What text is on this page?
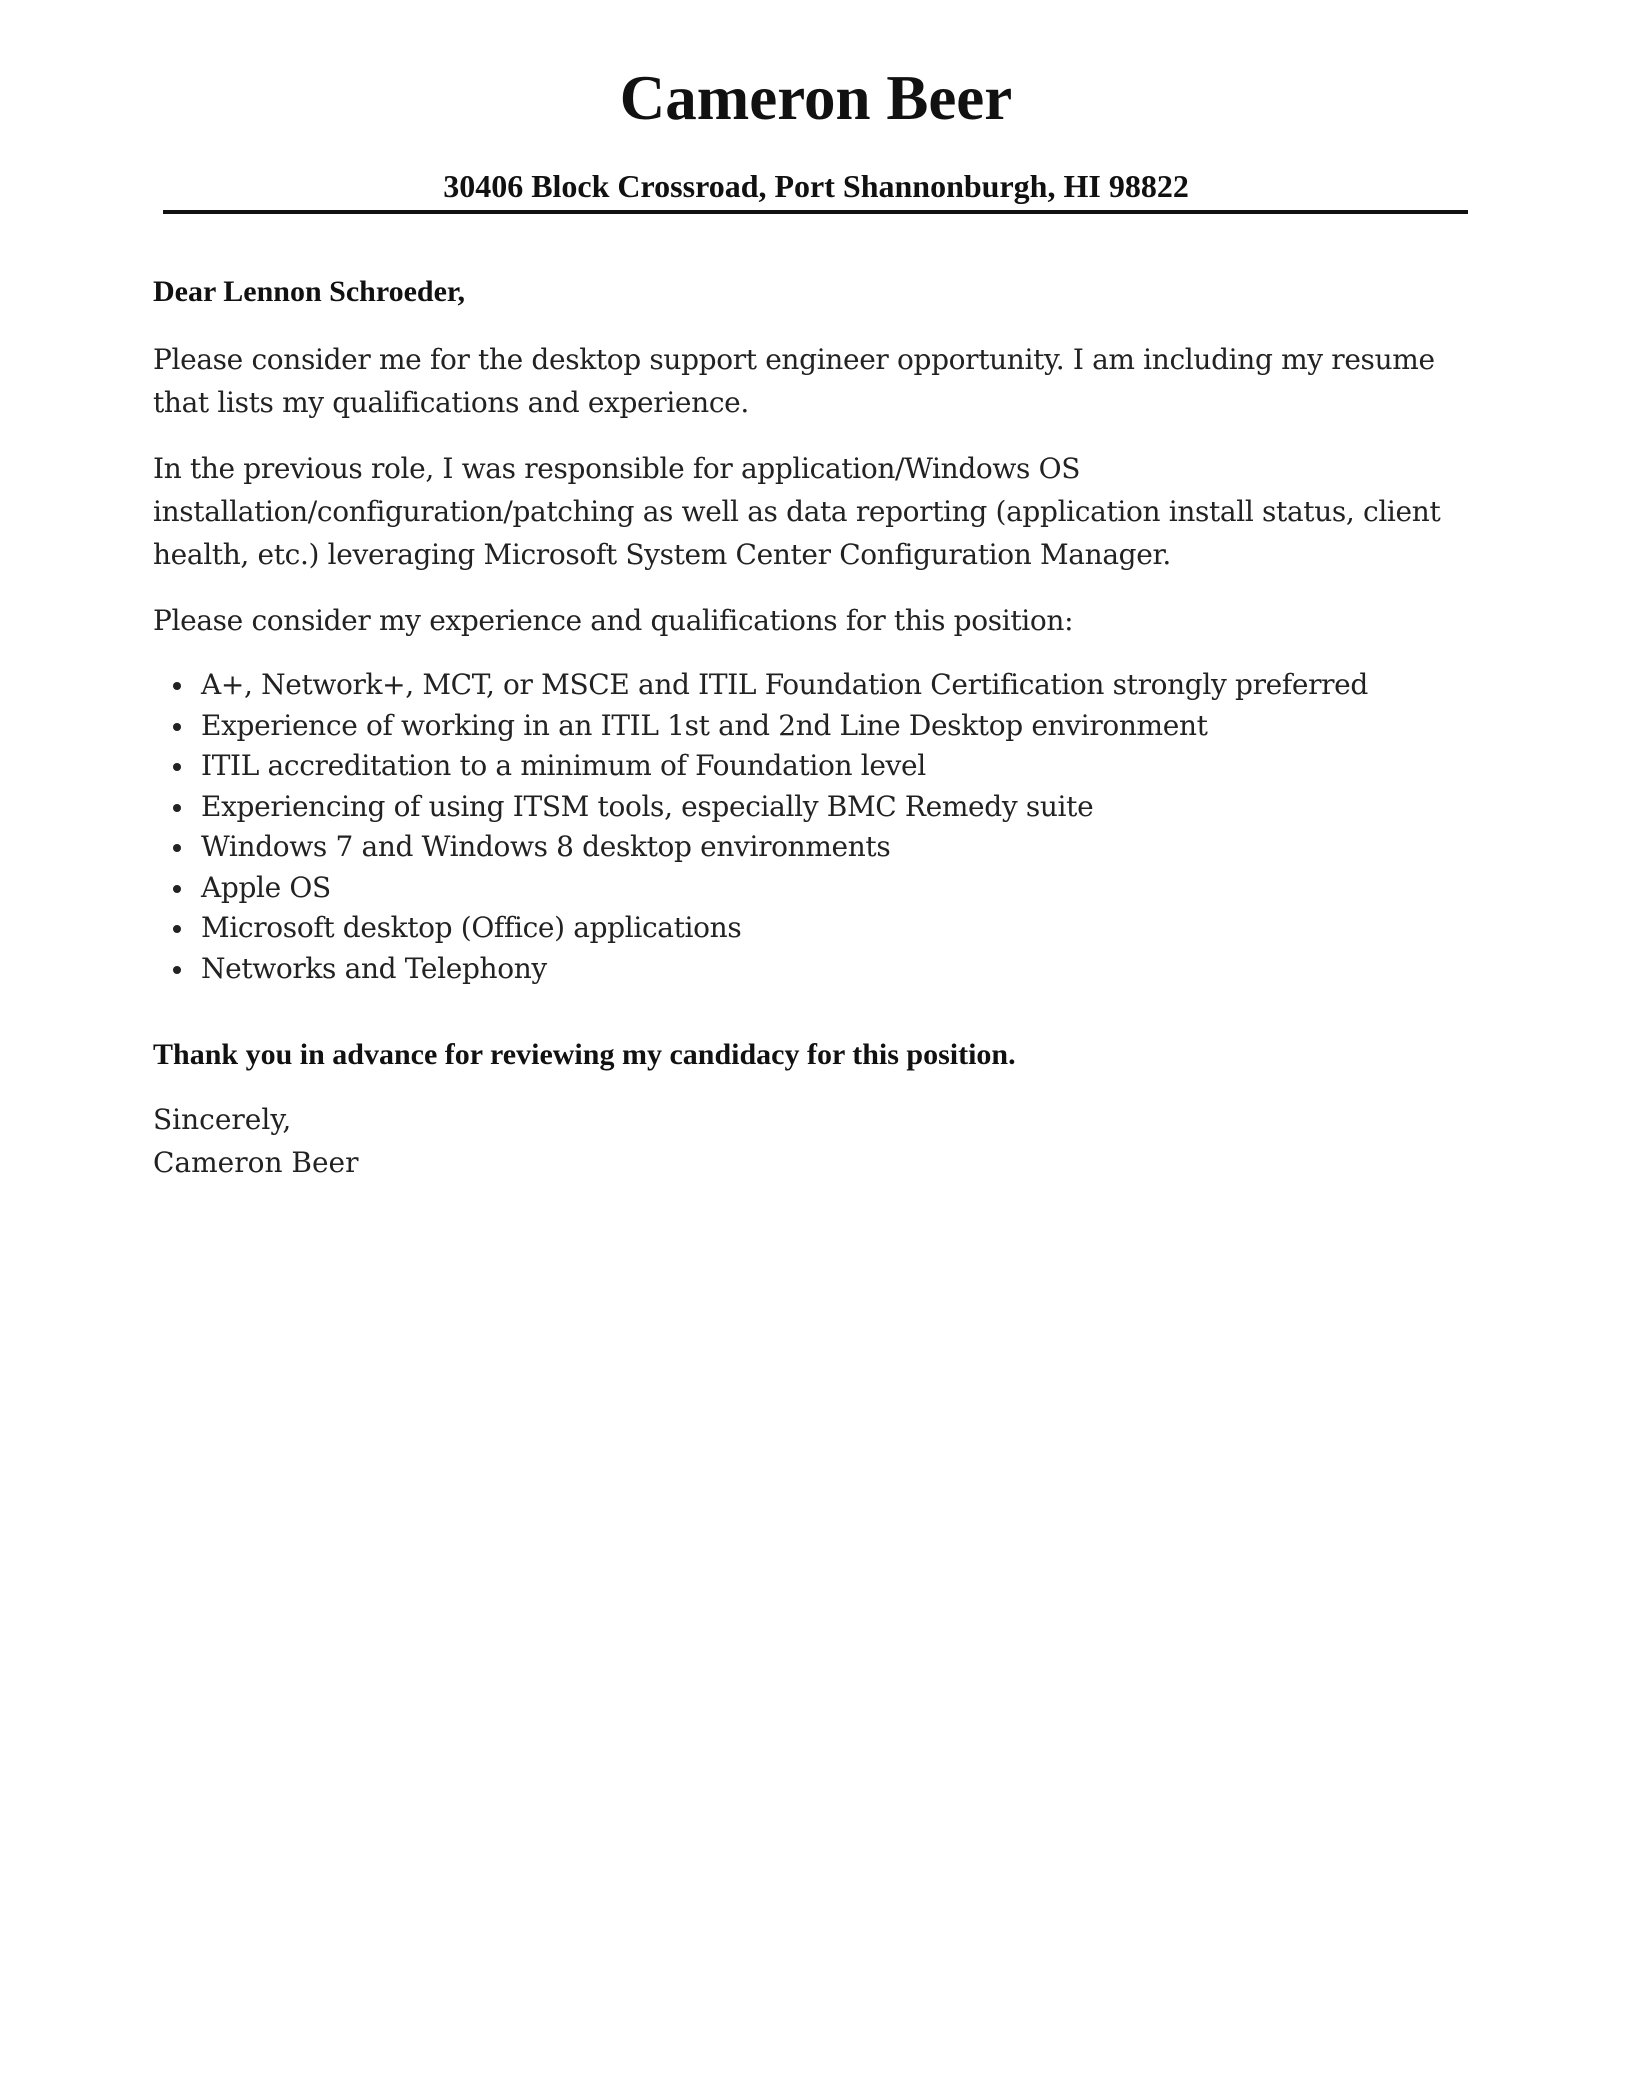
Cameron Beer
30406 Block Crossroad, Port Shannonburgh, HI 98822

Dear Lennon Schroeder,

Please consider me for the desktop support engineer opportunity. I am including my resume that lists my qualifications and experience.

In the previous role, I was responsible for application/Windows OS installation/configuration/patching as well as data reporting (application install status, client health, etc.) leveraging Microsoft System Center Configuration Manager.

Please consider my experience and qualifications for this position:

A+, Network+, MCT, or MSCE and ITIL Foundation Certification strongly preferred
Experience of working in an ITIL 1st and 2nd Line Desktop environment
ITIL accreditation to a minimum of Foundation level
Experiencing of using ITSM tools, especially BMC Remedy suite
Windows 7 and Windows 8 desktop environments
Apple OS
Microsoft desktop (Office) applications
Networks and Telephony

Thank you in advance for reviewing my candidacy for this position.

Sincerely,

Cameron Beer
